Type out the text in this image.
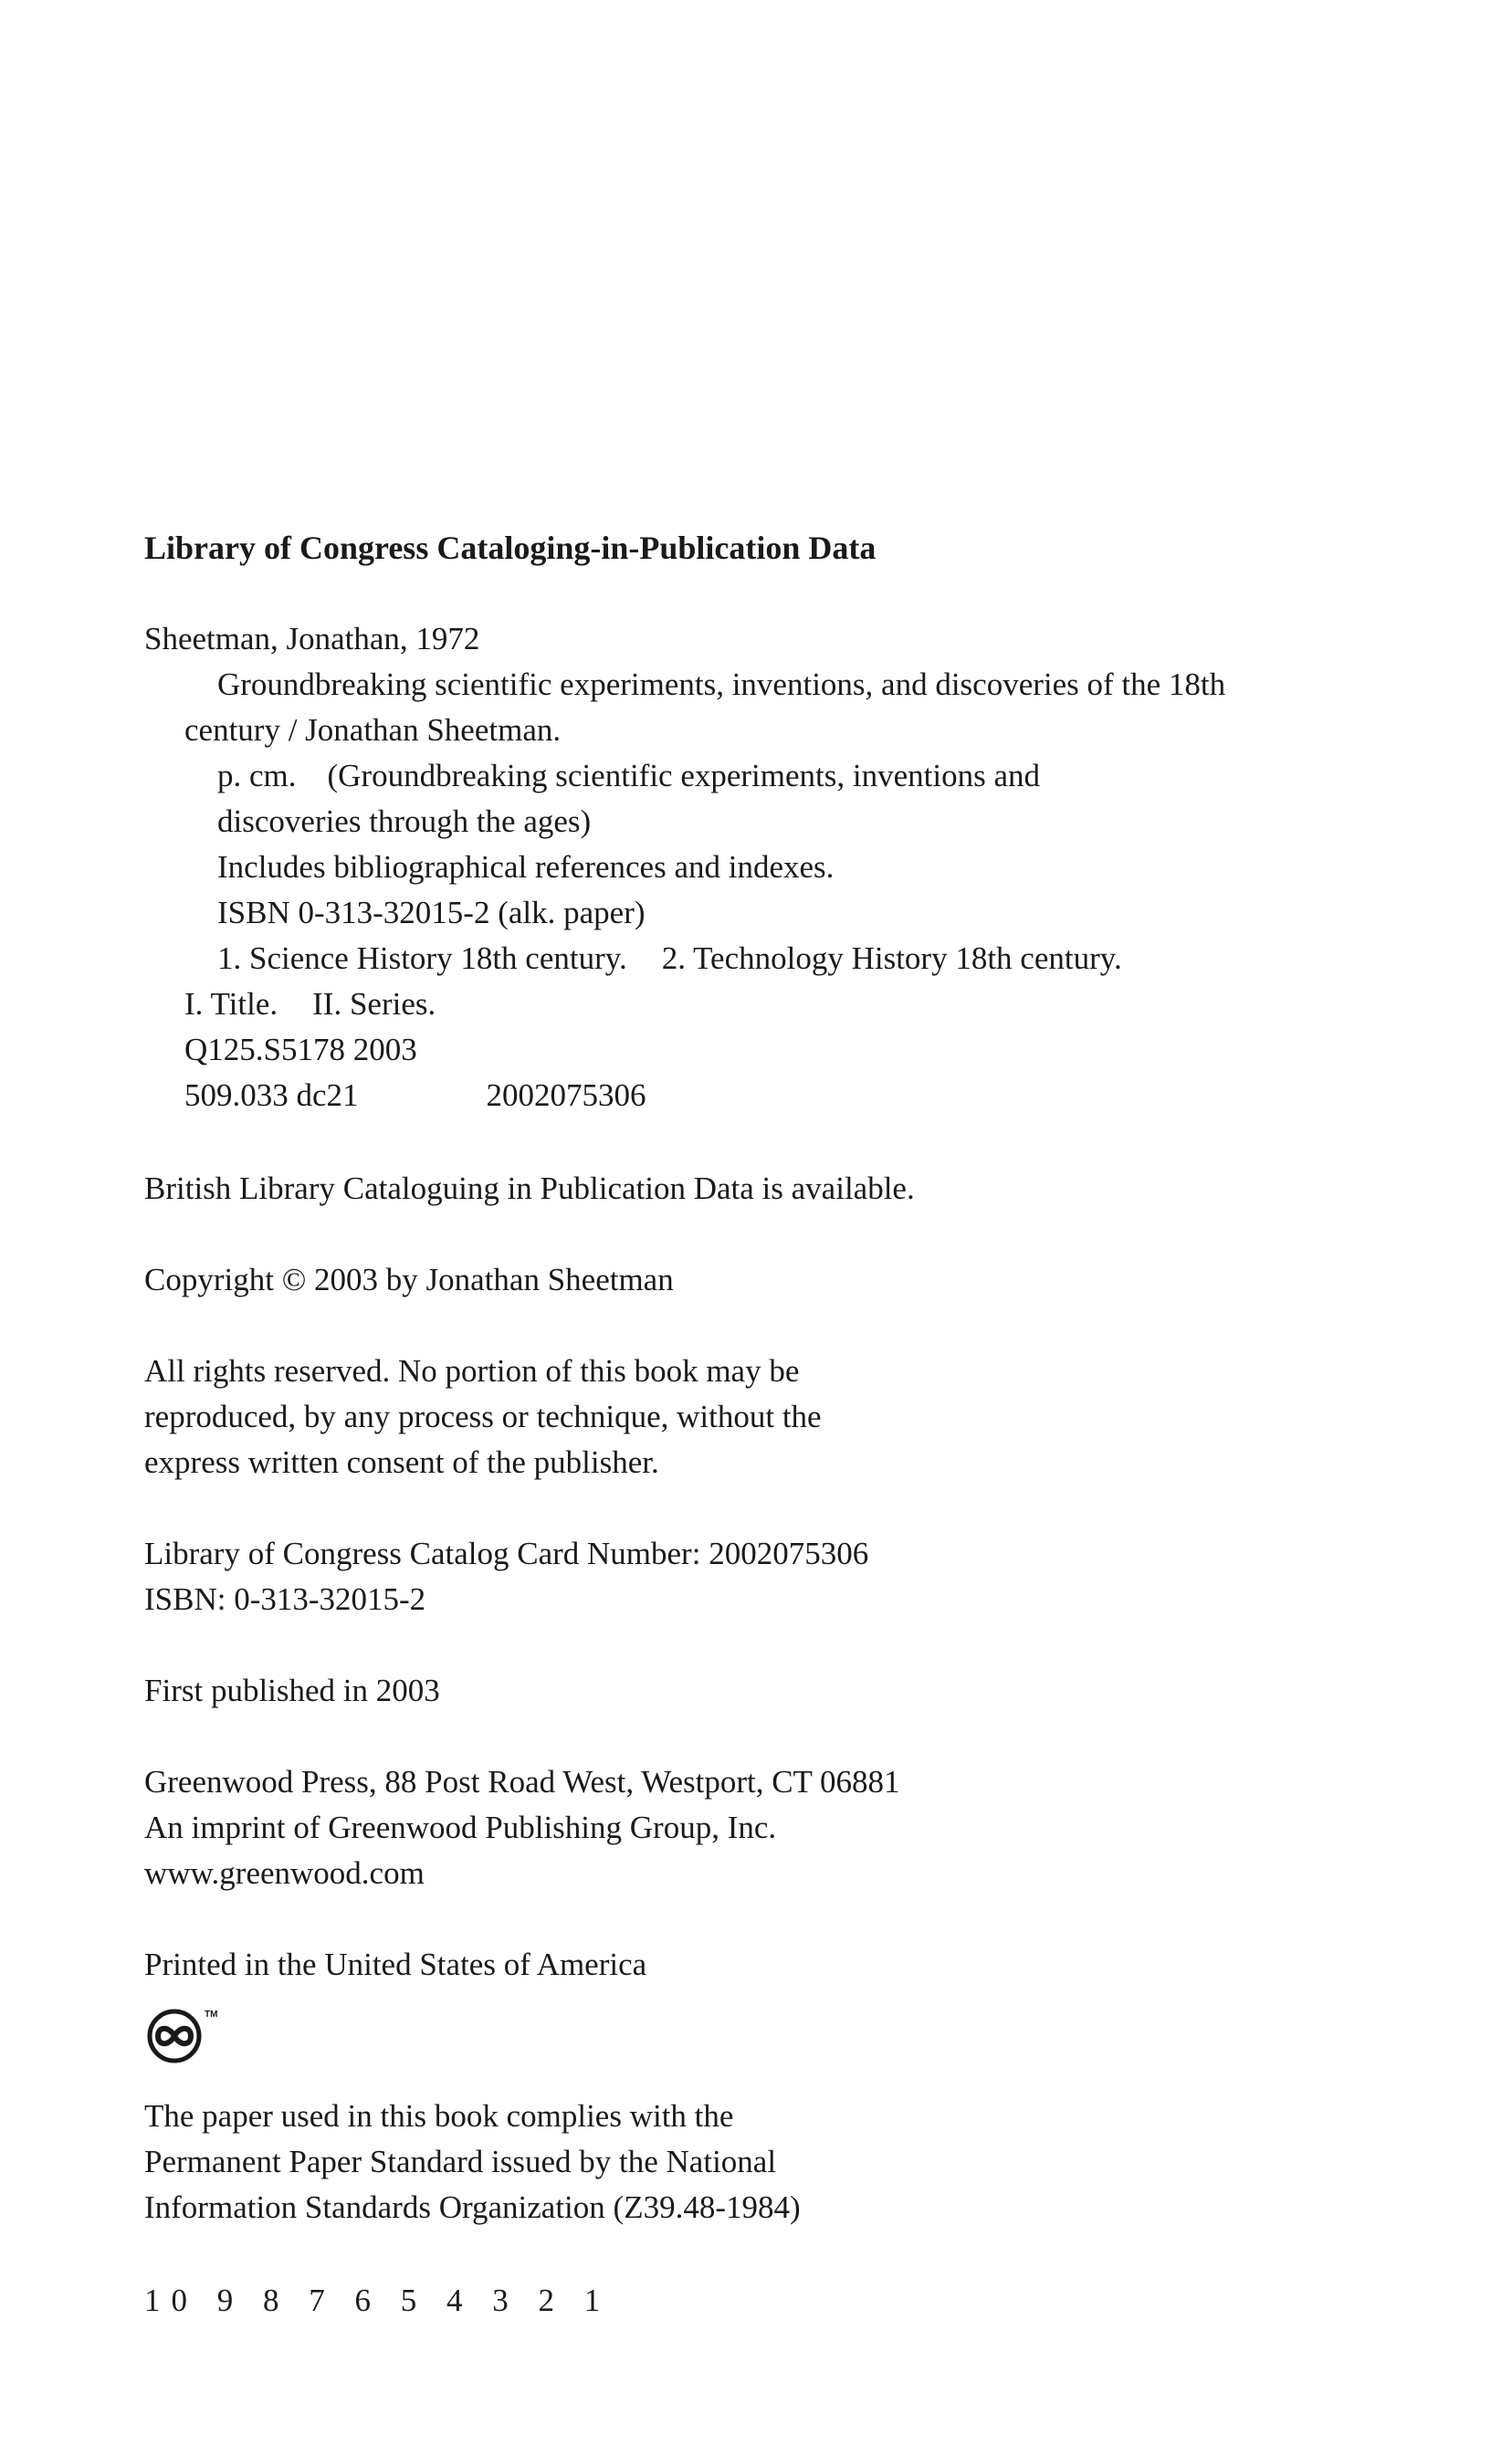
Library of Congress Cataloging-in-Publication Data
Sheetman, Jonathan, 1972
Groundbreaking scientific experiments, inventions, and discoveries of the 18th
century / Jonathan Sheetman.
p. cm. (Groundbreaking scientific experiments, inventions and
discoveries through the ages)
Includes bibliographical references and indexes.
ISBN 0-313-32015-2 (alk. paper)
1. Science History 18th century. 2. Technology History 18th century.
I. Title. II. Series.
Q125.S5178 2003
509.033 dc21	2002075306
British Library Cataloguing in Publication Data is available.
Copyright © 2003 by Jonathan Sheetman
All rights reserved. No portion of this book may be
reproduced, by any process or technique, without the
express written consent of the publisher.
Library of Congress Catalog Card Number: 2002075306
ISBN: 0-313-32015-2
First published in 2003
Greenwood Press, 88 Post Road West, Westport, CT 06881
An imprint of Greenwood Publishing Group, Inc.
www.greenwood.com
Printed in the United States of America
TM
The paper used in this book complies with the
Permanent Paper Standard issued by the National
Information Standards Organization (Z39.48-1984)
10 9 8 7 6 5 4 3 2 1
